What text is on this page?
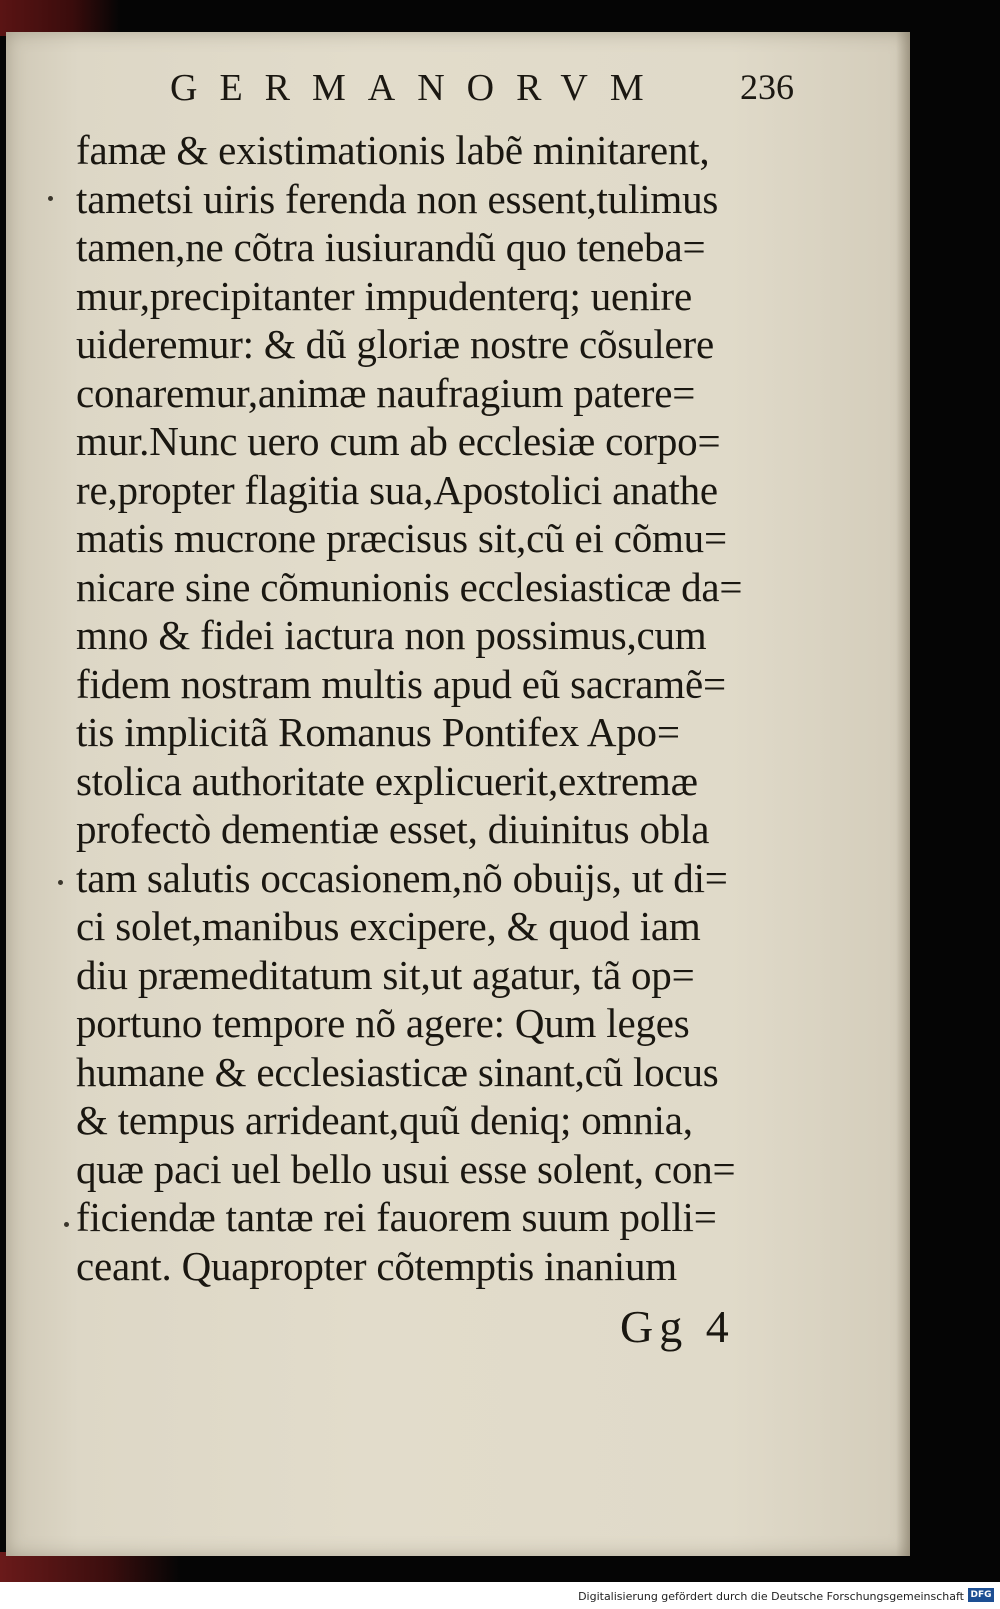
GERMANORVM	236
famæ & existimationis labẽ minitarent,
tametsi uiris ferenda non essent,tulimus
tamen,ne cõtra iusiurandũ quo teneba=
mur,precipitanter impudenterq; uenire
uideremur: & dũ gloriæ nostre cõsulere
conaremur,animæ naufragium patere=
mur.Nunc uero cum ab ecclesiæ corpo=
re,propter flagitia sua,Apostolici anathe
matis mucrone præcisus sit,cũ ei cõmu=
nicare sine cõmunionis ecclesiasticæ da=
mno & fidei iactura non possimus,cum
fidem nostram multis apud eũ sacramẽ=
tis implicitã Romanus Pontifex Apo=
stolica authoritate explicuerit,extremæ
profectò dementiæ esset, diuinitus obla
tam salutis occasionem,nõ obuijs, ut di=
ci solet,manibus excipere, & quod iam
diu præmeditatum sit,ut agatur, tã op=
portuno tempore nõ agere: Qum leges
humane & ecclesiasticæ sinant,cũ locus
& tempus arrideant,quũ deniq; omnia,
quæ paci uel bello usui esse solent, con=
ficiendæ tantæ rei fauorem suum polli=
ceant. Quapropter cõtemptis inanium
Gg 4
Digitalisierung gefördert durch die Deutsche Forschungsgemeinschaft DFG
